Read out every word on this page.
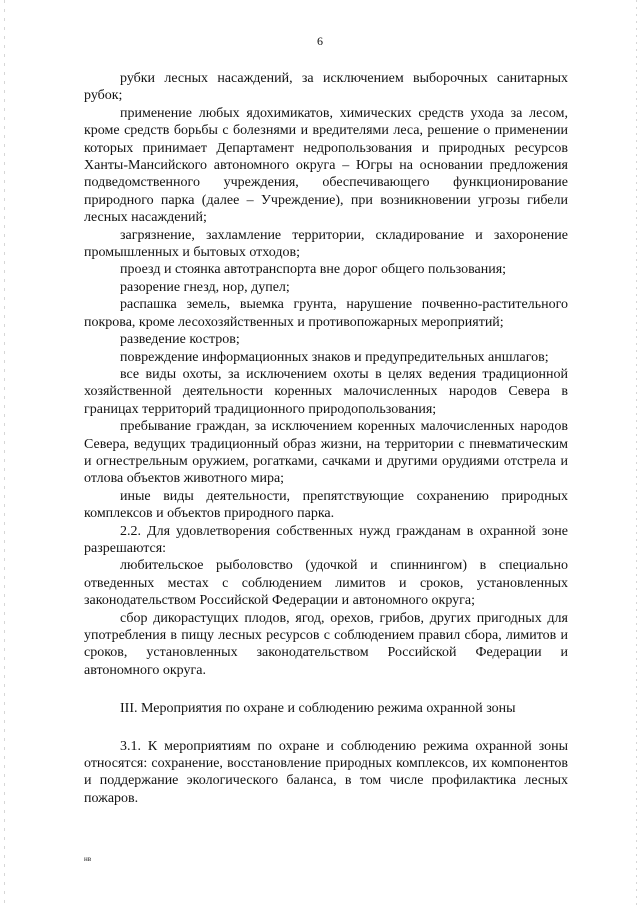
6

рубки лесных насаждений, за исключением выборочных санитарных рубок;

применение любых ядохимикатов, химических средств ухода за лесом, кроме средств борьбы с болезнями и вредителями леса, решение о применении которых принимает Департамент недропользования и природных ресурсов Ханты-Мансийского автономного округа – Югры на основании предложения подведомственного учреждения, обеспечивающего функционирование природного парка (далее – Учреждение), при возникновении угрозы гибели лесных насаждений;

загрязнение, захламление территории, складирование и захоронение промышленных и бытовых отходов;

проезд и стоянка автотранспорта вне дорог общего пользования;

разорение гнезд, нор, дупел;

распашка земель, выемка грунта, нарушение почвенно-растительного покрова, кроме лесохозяйственных и противопожарных мероприятий;

разведение костров;

повреждение информационных знаков и предупредительных аншлагов;

все виды охоты, за исключением охоты в целях ведения традиционной хозяйственной деятельности коренных малочисленных народов Севера в границах территорий традиционного природопользования;

пребывание граждан, за исключением коренных малочисленных народов Севера, ведущих традиционный образ жизни, на территории с пневматическим и огнестрельным оружием, рогатками, сачками и другими орудиями отстрела и отлова объектов животного мира;

иные виды деятельности, препятствующие сохранению природных комплексов и объектов природного парка.

2.2. Для удовлетворения собственных нужд гражданам в охранной зоне разрешаются:

любительское рыболовство (удочкой и спиннингом) в специально отведенных местах с соблюдением лимитов и сроков, установленных законодательством Российской Федерации и автономного округа;

сбор дикорастущих плодов, ягод, орехов, грибов, других пригодных для употребления в пищу лесных ресурсов с соблюдением правил сбора, лимитов и сроков, установленных законодательством Российской Федерации и автономного округа.

III. Мероприятия по охране и соблюдению режима охранной зоны

3.1. К мероприятиям по охране и соблюдению режима охранной зоны относятся: сохранение, восстановление природных комплексов, их компонентов и поддержание экологического баланса, в том числе профилактика лесных пожаров.

нв
